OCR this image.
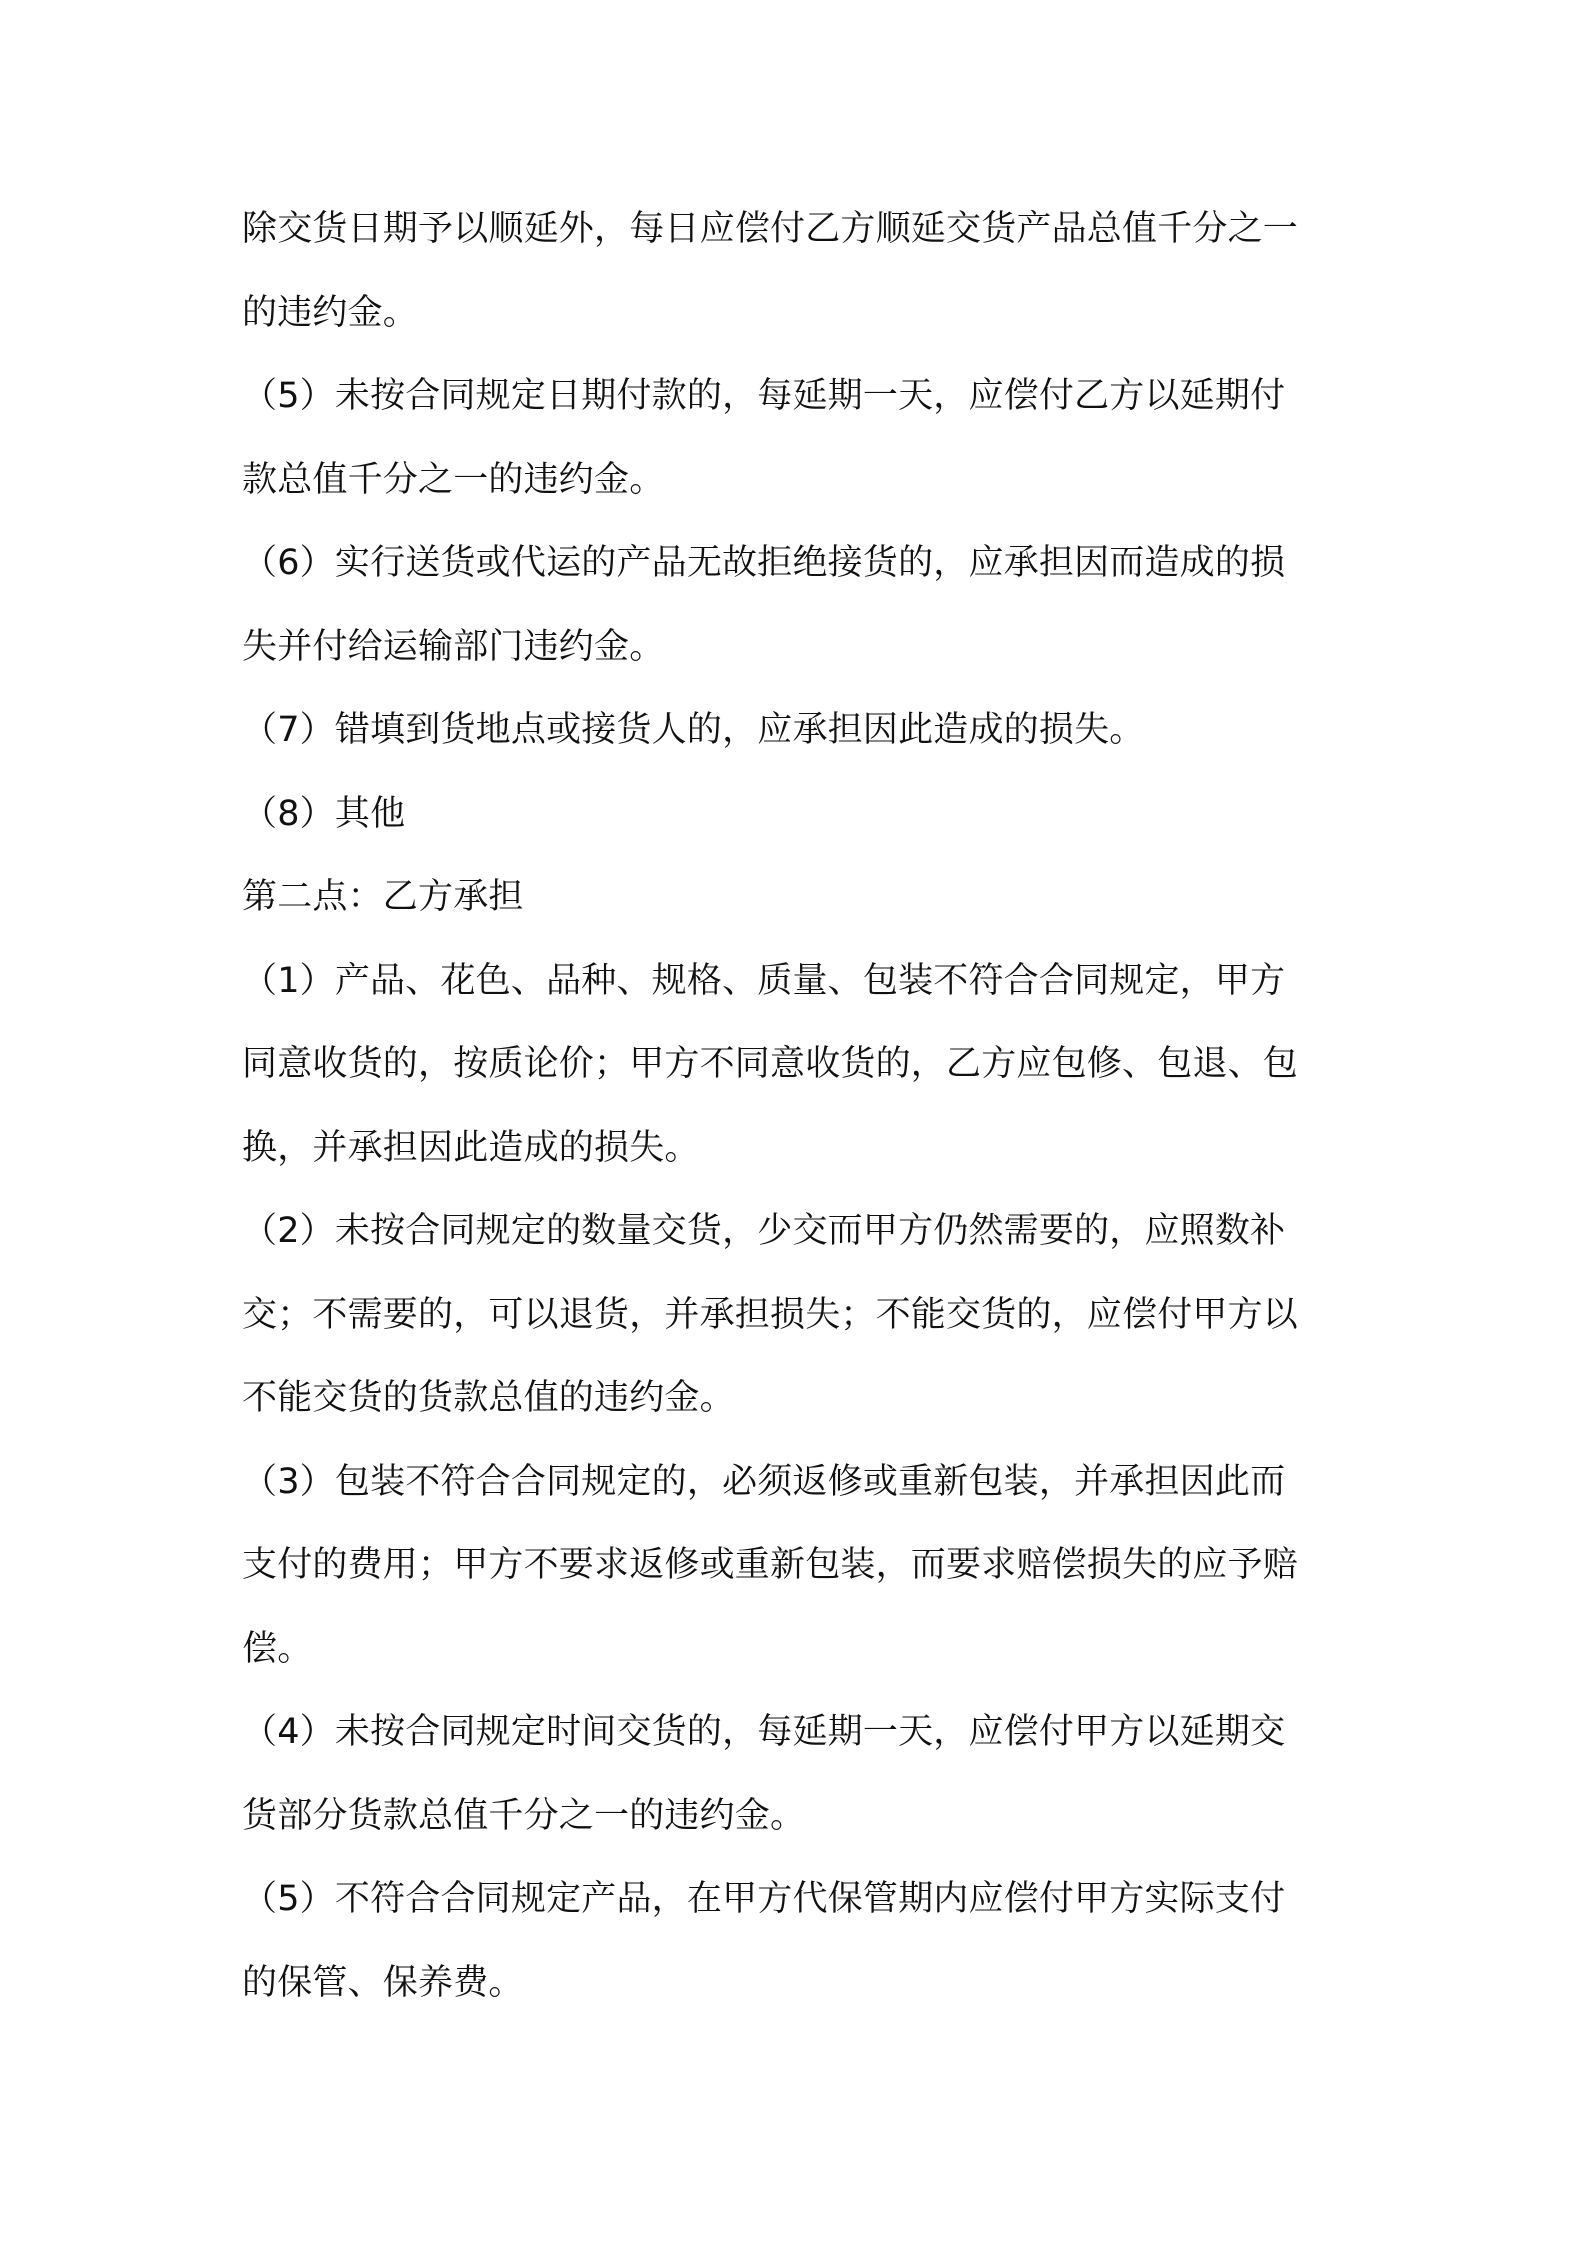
除交货日期予以顺延外，每日应偿付乙方顺延交货产品总值千分之一

的违约金。

（5）未按合同规定日期付款的，每延期一天，应偿付乙方以延期付

款总值千分之一的违约金。

（6）实行送货或代运的产品无故拒绝接货的，应承担因而造成的损

失并付给运输部门违约金。

（7）错填到货地点或接货人的，应承担因此造成的损失。

（8）其他

第二点：乙方承担

（1）产品、花色、品种、规格、质量、包装不符合合同规定，甲方

同意收货的，按质论价；甲方不同意收货的，乙方应包修、包退、包

换，并承担因此造成的损失。

（2）未按合同规定的数量交货，少交而甲方仍然需要的，应照数补

交；不需要的，可以退货，并承担损失；不能交货的，应偿付甲方以

不能交货的货款总值的违约金。

（3）包装不符合合同规定的，必须返修或重新包装，并承担因此而

支付的费用；甲方不要求返修或重新包装，而要求赔偿损失的应予赔

偿。

（4）未按合同规定时间交货的，每延期一天，应偿付甲方以延期交

货部分货款总值千分之一的违约金。

（5）不符合合同规定产品，在甲方代保管期内应偿付甲方实际支付

的保管、保养费。
